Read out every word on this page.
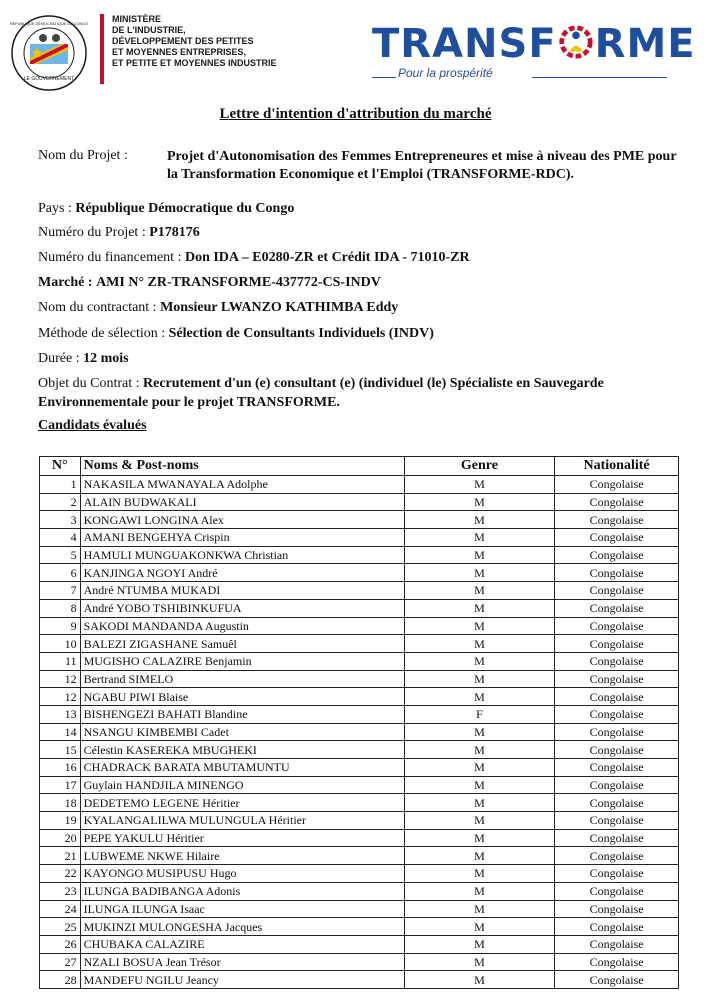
LE GOUVERNEMENT
RÉPUBLIQUE DÉMOCRATIQUE DU CONGO	MINISTÈRE
DE L'INDUSTRIE,
DÉVELOPPEMENT DES PETITES
ET MOYENNES ENTREPRISES,
ET PETITE ET MOYENNES INDUSTRIE	TRANSF RME
Pour la prospérité
Lettre d'intention d'attribution du marché
Nom du Projet :	Projet d'Autonomisation des Femmes Entrepreneures et mise à niveau des PME pour la Transformation Economique et l'Emploi (TRANSFORME-RDC).
Pays : République Démocratique du Congo
Numéro du Projet : P178176
Numéro du financement : Don IDA – E0280-ZR et Crédit IDA - 71010-ZR
Marché : AMI N° ZR-TRANSFORME-437772-CS-INDV
Nom du contractant : Monsieur LWANZO KATHIMBA Eddy
Méthode de sélection : Sélection de Consultants Individuels (INDV)
Durée : 12 mois
Objet du Contrat : Recrutement d'un (e) consultant (e) (individuel (le) Spécialiste en Sauvegarde Environnementale pour le projet TRANSFORME.
Candidats évalués
N°	Noms & Post-noms	Genre	Nationalité
1	NAKASILA MWANAYALA Adolphe	M	Congolaise
2	ALAIN BUDWAKALI	M	Congolaise
3	KONGAWI LONGINA Alex	M	Congolaise
4	AMANI BENGEHYA Crispin	M	Congolaise
5	HAMULI MUNGUAKONKWA Christian	M	Congolaise
6	KANJINGA NGOYI André	M	Congolaise
7	André NTUMBA MUKADI	M	Congolaise
8	André YOBO TSHIBINKUFUA	M	Congolaise
9	SAKODI MANDANDA Augustin	M	Congolaise
10	BALEZI ZIGASHANE Samuêl	M	Congolaise
11	MUGISHO CALAZIRE Benjamin	M	Congolaise
12	Bertrand SIMELO	M	Congolaise
12	NGABU PIWI Blaise	M	Congolaise
13	BISHENGEZI BAHATI Blandine	F	Congolaise
14	NSANGU KIMBEMBI Cadet	M	Congolaise
15	Célestin KASEREKA MBUGHEKI	M	Congolaise
16	CHADRACK BARATA MBUTAMUNTU	M	Congolaise
17	Guylain HANDJILA MINENGO	M	Congolaise
18	DEDETEMO LEGENE Héritier	M	Congolaise
19	KYALANGALILWA MULUNGULA Héritier	M	Congolaise
20	PEPE YAKULU Héritier	M	Congolaise
21	LUBWEME NKWE Hilaire	M	Congolaise
22	KAYONGO MUSIPUSU Hugo	M	Congolaise
23	ILUNGA BADIBANGA Adonis	M	Congolaise
24	ILUNGA ILUNGA Isaac	M	Congolaise
25	MUKINZI MULONGESHA Jacques	M	Congolaise
26	CHUBAKA CALAZIRE	M	Congolaise
27	NZALI BOSUA Jean Trésor	M	Congolaise
28	MANDEFU NGILU Jeancy	M	Congolaise
